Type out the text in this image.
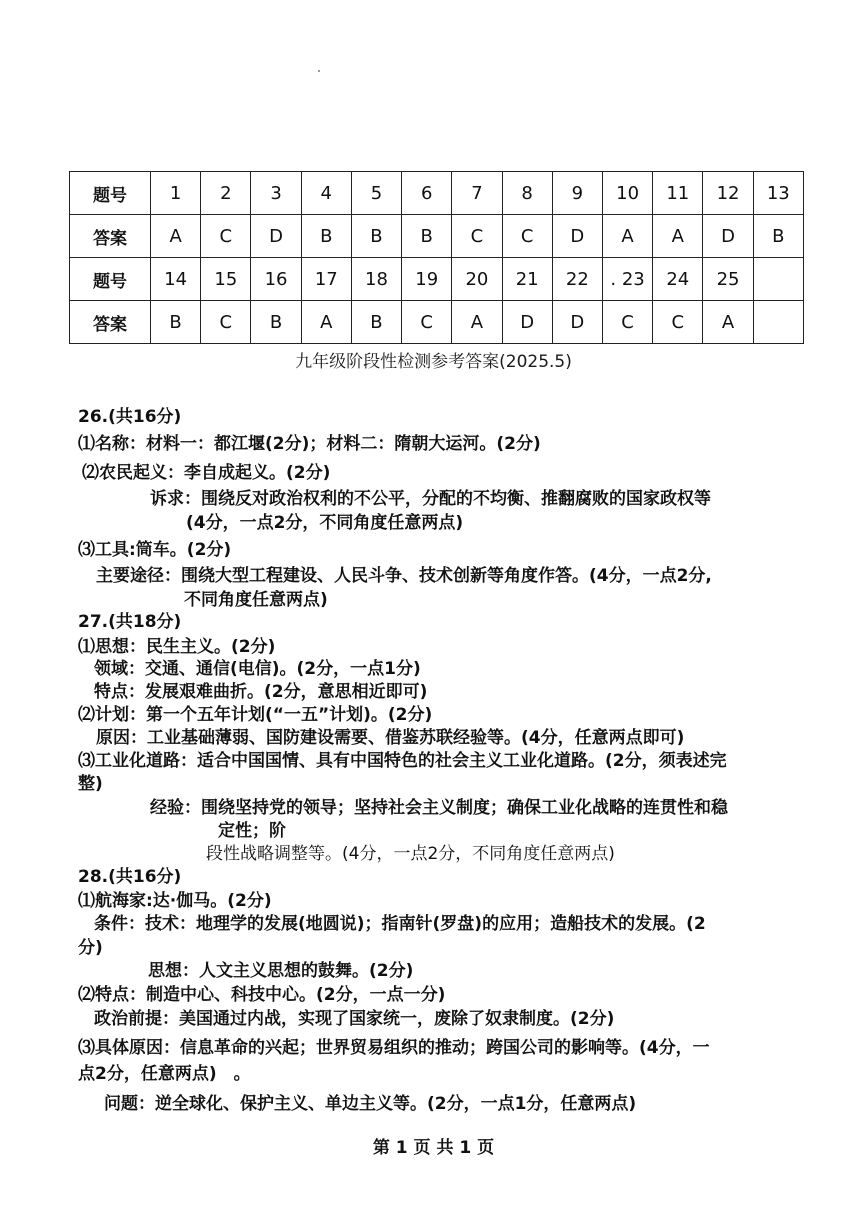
题号	1	2	3	4	5	6	7	8	9	10	11	12	13
答案	A	C	D	B	B	B	C	C	D	A	A	D	B
题号	14	15	16	17	18	19	20	21	22	. 23	24	25	
答案	B	C	B	A	B	C	A	D	D	C	C	A	
九年级阶段性检测参考答案(2025.5)
26.(共16分)
⑴名称：材料一：都江堰(2分)；材料二：隋朝大运河。(2分)
⑵农民起义：李自成起义。(2分)
诉求：围绕反对政治权利的不公平，分配的不均衡、推翻腐败的国家政权等
(4分，一点2分，不同角度任意两点)
⑶工具:筒车。(2分)
主要途径：围绕大型工程建设、人民斗争、技术创新等角度作答。(4分，一点2分,
不同角度任意两点)
27.(共18分)
⑴思想：民生主义。(2分)
领域：交通、通信(电信)。(2分，一点1分)
特点：发展艰难曲折。(2分，意思相近即可)
⑵计划：第一个五年计划(“一五”计划)。(2分)
原因：工业基础薄弱、国防建设需要、借鉴苏联经验等。(4分，任意两点即可)
⑶工业化道路：适合中国国情、具有中国特色的社会主义工业化道路。(2分，须表述完
整)
经验：围绕坚持党的领导；坚持社会主义制度；确保工业化战略的连贯性和稳
定性；阶
段性战略调整等。(4分，一点2分，不同角度任意两点)
28.(共16分)
⑴航海家:达·伽马。(2分)
条件：技术：地理学的发展(地圆说)；指南针(罗盘)的应用；造船技术的发展。(2
分)
思想：人文主义思想的鼓舞。(2分)
⑵特点：制造中心、科技中心。(2分，一点一分)
政治前提：美国通过内战，实现了国家统一，废除了奴隶制度。(2分)
⑶具体原因：信息革命的兴起；世界贸易组织的推动；跨国公司的影响等。(4分，一
点2分，任意两点)　。
问题：逆全球化、保护主义、单边主义等。(2分，一点1分，任意两点)
第 1 页 共 1 页
